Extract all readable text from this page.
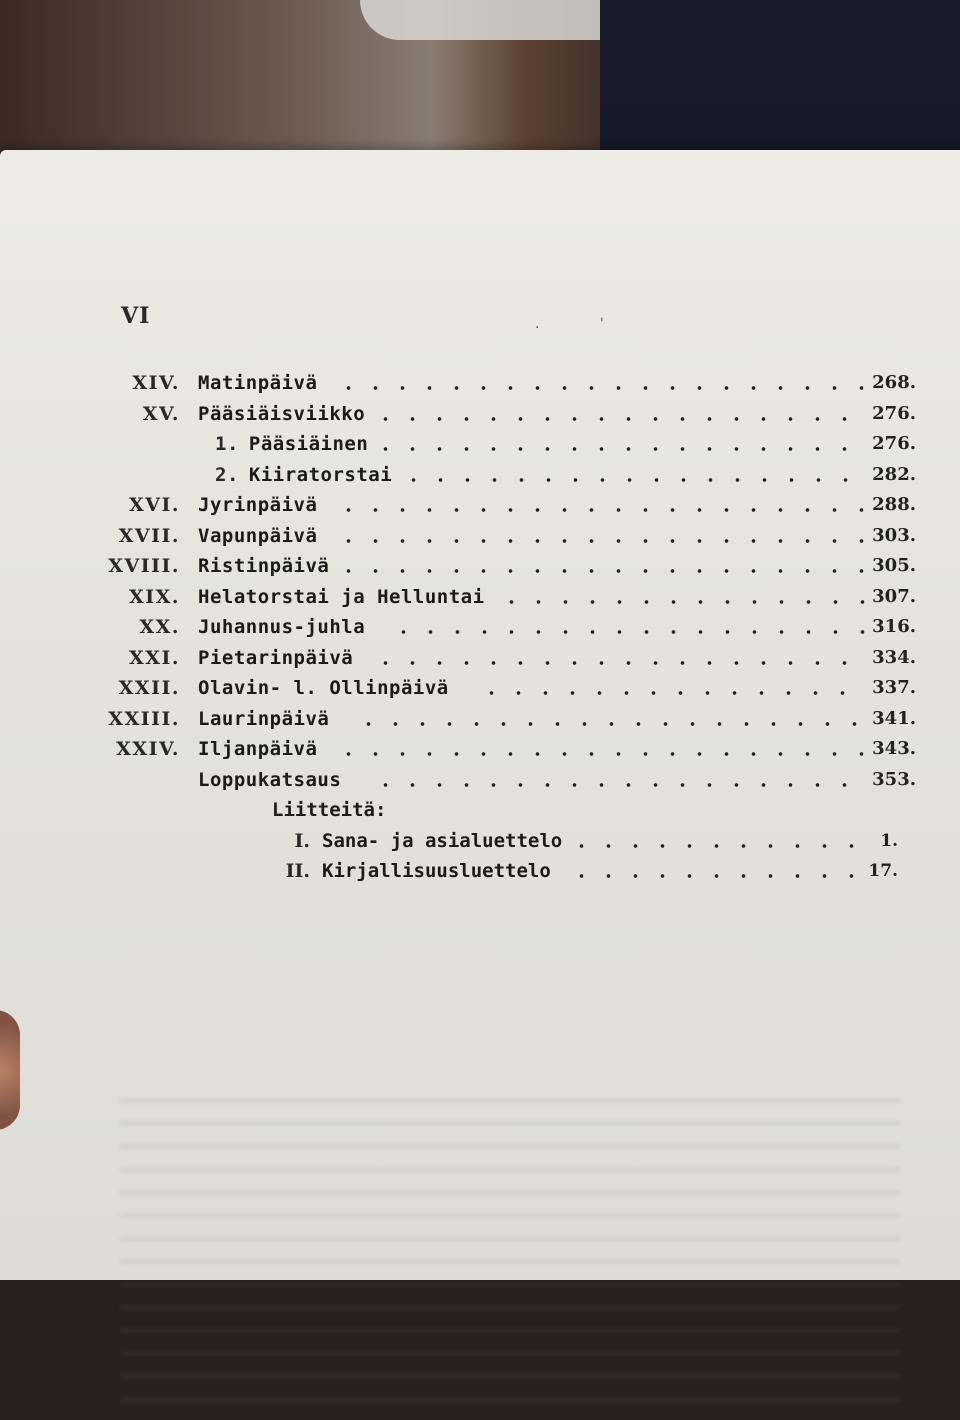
VI	. '
XIV. Matinpäivä	268.
XV. Pääsiäisviikko	276.
1. Pääsiäinen	276.
2. Kiiratorstai	282.
XVI. Jyrinpäivä	288.
XVII. Vapunpäivä	303.
XVIII. Ristinpäivä	305.
XIX. Helatorstai ja Helluntai	307.
XX. Juhannus-juhla	316.
XXI. Pietarinpäivä	334.
XXII. Olavin- l. Ollinpäivä	337.
XXIII. Laurinpäivä	341.
XXIV. Iljanpäivä	343.
Loppukatsaus	353.
Liitteitä:
I. Sana- ja asialuettelo	1.
II. Kirjallisuusluettelo	17.
